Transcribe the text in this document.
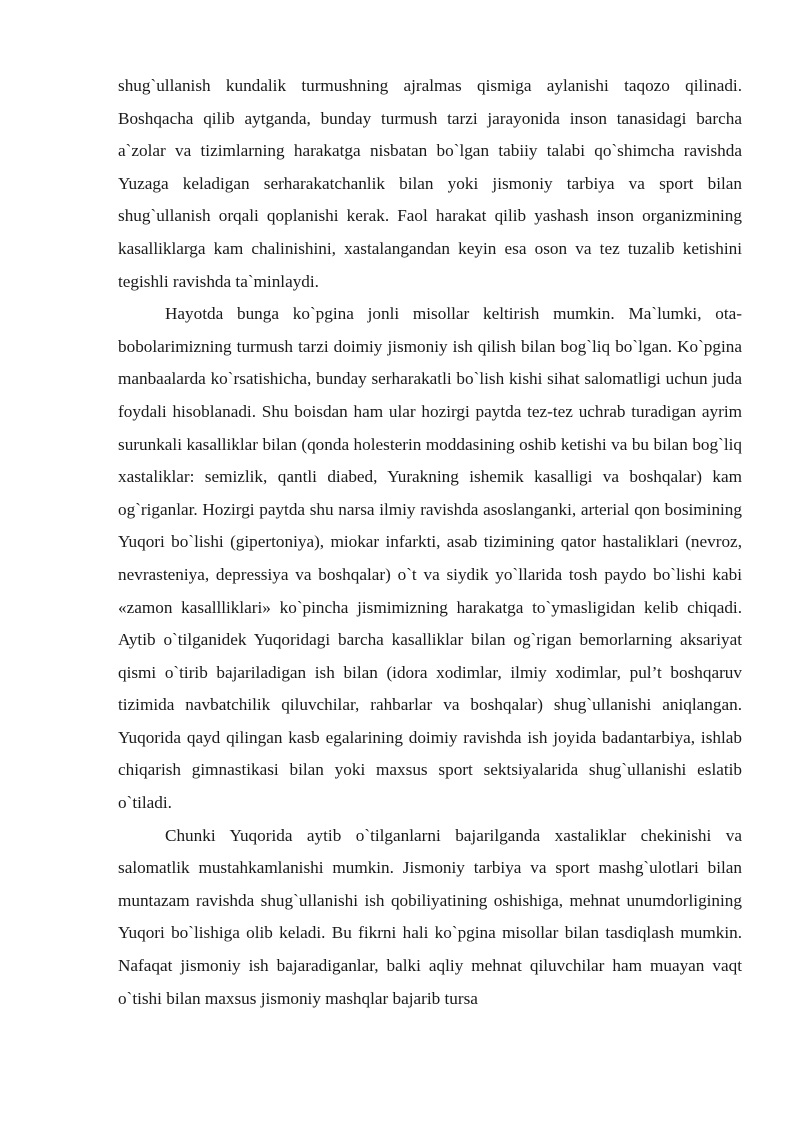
shug`ullanish kundalik turmushning ajralmas qismiga aylanishi taqozo qilinadi. Boshqacha qilib aytganda, bunday turmush tarzi jarayonida inson tanasidagi barcha a`zolar va tizimlarning harakatga nisbatan bo`lgan tabiiy talabi qo`shimcha ravishda Yuzaga keladigan serharakatchanlik bilan yoki jismoniy tarbiya va sport bilan shug`ullanish orqali qoplanishi kerak. Faol harakat qilib yashash inson organizmining kasalliklarga kam chalinishini, xastalangandan keyin esa oson va tez tuzalib ketishini tegishli ravishda ta`minlaydi.

Hayotda bunga ko`pgina jonli misollar keltirish mumkin. Ma`lumki, ota-bobolarimizning turmush tarzi doimiy jismoniy ish qilish bilan bog`liq bo`lgan. Ko`pgina manbaalarda ko`rsatishicha, bunday serharakatli bo`lish kishi sihat salomatligi uchun juda foydali hisoblanadi. Shu boisdan ham ular hozirgi paytda tez-tez uchrab turadigan ayrim surunkali kasalliklar bilan (qonda holesterin moddasining oshib ketishi va bu bilan bog`liq xastaliklar: semizlik, qantli diabed, Yurakning ishemik kasalligi va boshqalar) kam og`riganlar. Hozirgi paytda shu narsa ilmiy ravishda asoslanganki, arterial qon bosimining Yuqori bo`lishi (gipertoniya), miokar infarkti, asab tizimining qator hastaliklari (nevroz, nevrasteniya, depressiya va boshqalar) o`t va siydik yo`llarida tosh paydo bo`lishi kabi «zamon kasallliklari» ko`pincha jismimizning harakatga to`ymasligidan kelib chiqadi. Aytib o`tilganidek Yuqoridagi barcha kasalliklar bilan og`rigan bemorlarning aksariyat qismi o`tirib bajariladigan ish bilan (idora xodimlar, ilmiy xodimlar, pul’t boshqaruv tizimida navbatchilik qiluvchilar, rahbarlar va boshqalar) shug`ullanishi aniqlangan. Yuqorida qayd qilingan kasb egalarining doimiy ravishda ish joyida badantarbiya, ishlab chiqarish gimnastikasi bilan yoki maxsus sport sektsiyalarida shug`ullanishi eslatib o`tiladi.

Chunki Yuqorida aytib o`tilganlarni bajarilganda xastaliklar chekinishi va salomatlik mustahkamlanishi mumkin. Jismoniy tarbiya va sport mashg`ulotlari bilan muntazam ravishda shug`ullanishi ish qobiliyatining oshishiga, mehnat unumdorligining Yuqori bo`lishiga olib keladi. Bu fikrni hali ko`pgina misollar bilan tasdiqlash mumkin. Nafaqat jismoniy ish bajaradiganlar, balki aqliy mehnat qiluvchilar ham muayan vaqt o`tishi bilan maxsus jismoniy mashqlar bajarib tursa
